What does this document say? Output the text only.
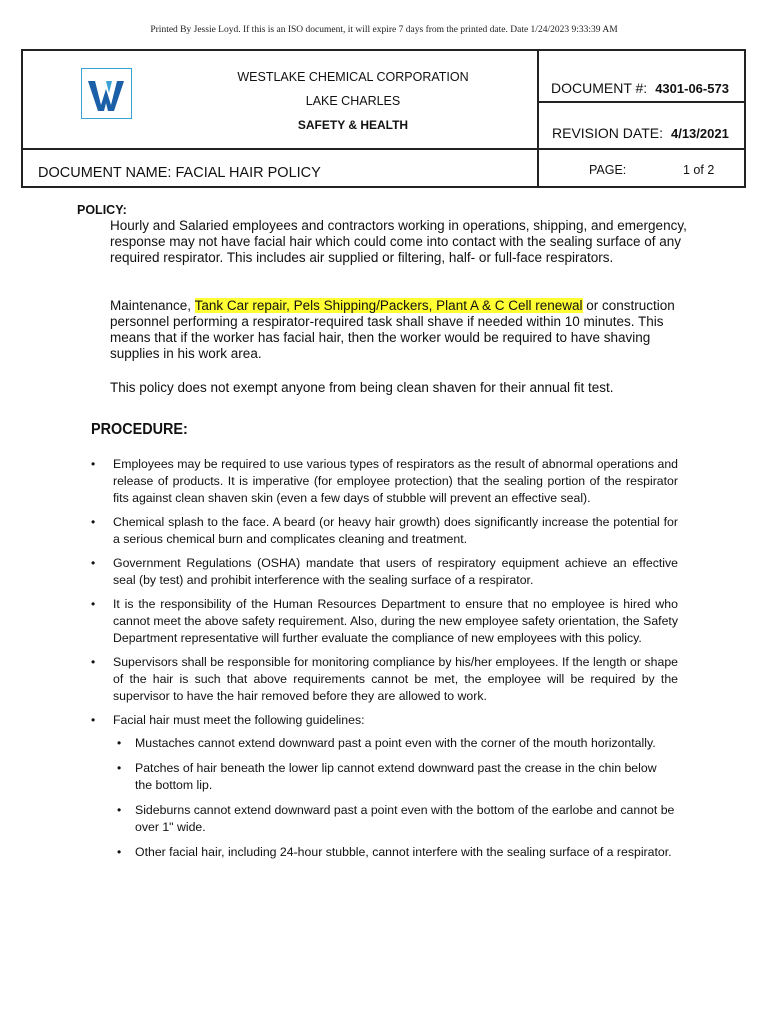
Printed By Jessie Loyd. If this is an ISO document, it will expire 7 days from the printed date. Date 1/24/2023 9:33:39 AM
WESTLAKE CHEMICAL CORPORATION
LAKE CHARLES
SAFETY & HEALTH
DOCUMENT #: 4301-06-573
REVISION DATE: 4/13/2021
DOCUMENT NAME: FACIAL HAIR POLICY	PAGE:	1 of 2
POLICY:
Hourly and Salaried employees and contractors working in operations, shipping, and emergency, response may not have facial hair which could come into contact with the sealing surface of any required respirator. This includes air supplied or filtering, half- or full-face respirators.
Maintenance, Tank Car repair, Pels Shipping/Packers, Plant A & C Cell renewal or construction personnel performing a respirator-required task shall shave if needed within 10 minutes. This means that if the worker has facial hair, then the worker would be required to have shaving supplies in his work area.
This policy does not exempt anyone from being clean shaven for their annual fit test.
PROCEDURE:
• Employees may be required to use various types of respirators as the result of abnormal operations and release of products. It is imperative (for employee protection) that the sealing portion of the respirator fits against clean shaven skin (even a few days of stubble will prevent an effective seal).
• Chemical splash to the face. A beard (or heavy hair growth) does significantly increase the potential for a serious chemical burn and complicates cleaning and treatment.
• Government Regulations (OSHA) mandate that users of respiratory equipment achieve an effective seal (by test) and prohibit interference with the sealing surface of a respirator.
• It is the responsibility of the Human Resources Department to ensure that no employee is hired who cannot meet the above safety requirement. Also, during the new employee safety orientation, the Safety Department representative will further evaluate the compliance of new employees with this policy.
• Supervisors shall be responsible for monitoring compliance by his/her employees. If the length or shape of the hair is such that above requirements cannot be met, the employee will be required by the supervisor to have the hair removed before they are allowed to work.
• Facial hair must meet the following guidelines:
• Mustaches cannot extend downward past a point even with the corner of the mouth horizontally.
• Patches of hair beneath the lower lip cannot extend downward past the crease in the chin below the bottom lip.
• Sideburns cannot extend downward past a point even with the bottom of the earlobe and cannot be over 1" wide.
• Other facial hair, including 24-hour stubble, cannot interfere with the sealing surface of a respirator.
